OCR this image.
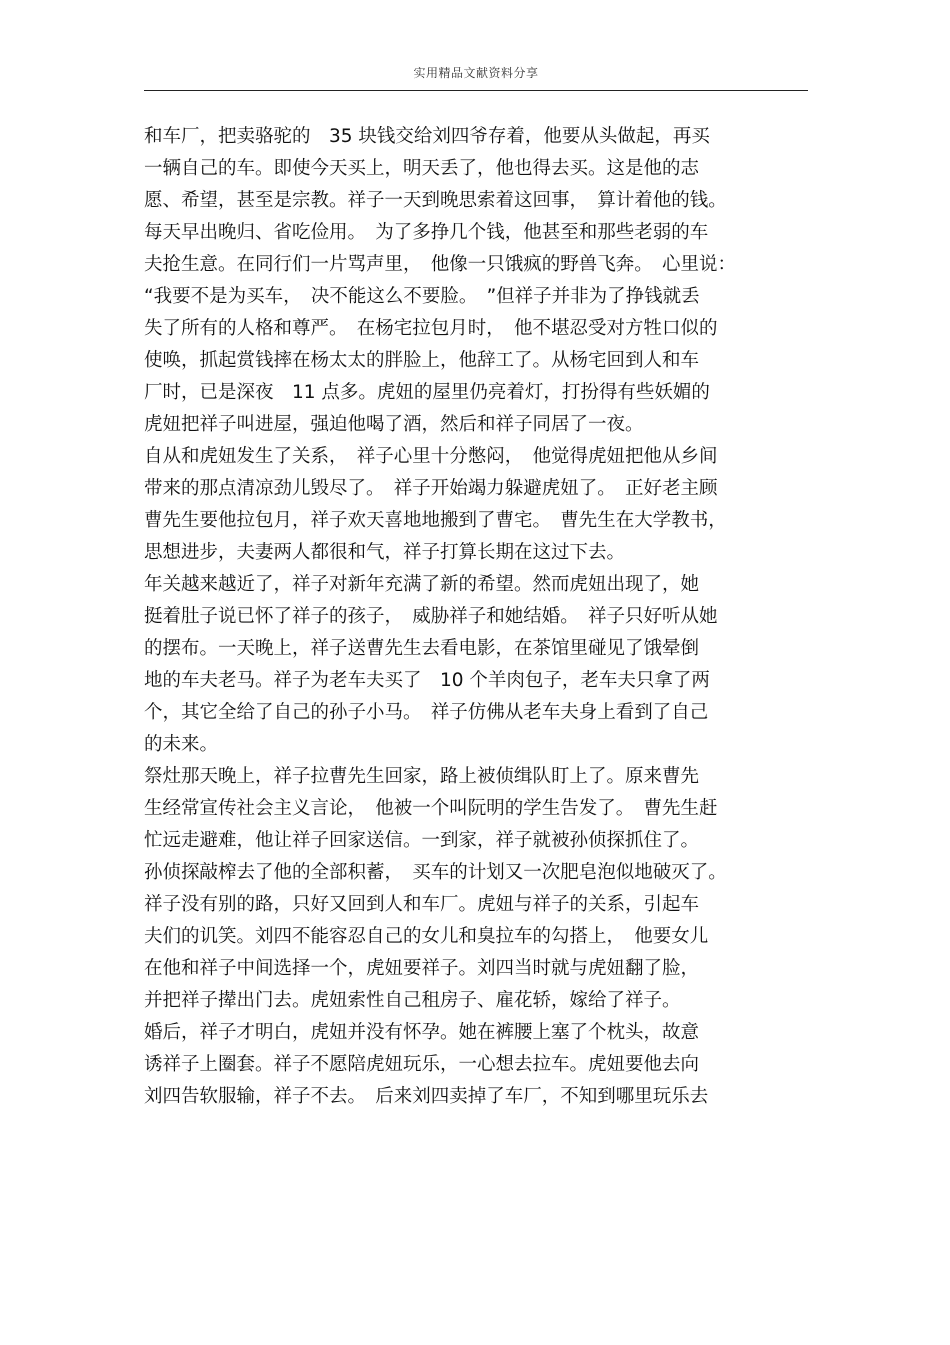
实用精品文献资料分享
和车厂，把卖骆驼的　35 块钱交给刘四爷存着，他要从头做起，再买
一辆自己的车。即使今天买上，明天丢了，他也得去买。这是他的志
愿、希望，甚至是宗教。祥子一天到晚思索着这回事，　算计着他的钱。
每天早出晚归、省吃俭用。　为了多挣几个钱，他甚至和那些老弱的车
夫抢生意。在同行们一片骂声里，　他像一只饿疯的野兽飞奔。　心里说：
“我要不是为买车，　决不能这么不要脸。　”但祥子并非为了挣钱就丢
失了所有的人格和尊严。　在杨宅拉包月时，　他不堪忍受对方牲口似的
使唤，抓起赏钱摔在杨太太的胖脸上，他辞工了。从杨宅回到人和车
厂时，已是深夜　11 点多。虎妞的屋里仍亮着灯，打扮得有些妖媚的
虎妞把祥子叫进屋，强迫他喝了酒，然后和祥子同居了一夜。
自从和虎妞发生了关系，　祥子心里十分憋闷，　他觉得虎妞把他从乡间
带来的那点清凉劲儿毁尽了。　祥子开始竭力躲避虎妞了。　正好老主顾
曹先生要他拉包月，祥子欢天喜地地搬到了曹宅。　曹先生在大学教书，
思想进步，夫妻两人都很和气，祥子打算长期在这过下去。
年关越来越近了，祥子对新年充满了新的希望。然而虎妞出现了，她
挺着肚子说已怀了祥子的孩子，　威胁祥子和她结婚。　祥子只好听从她
的摆布。一天晚上，祥子送曹先生去看电影，在茶馆里碰见了饿晕倒
地的车夫老马。祥子为老车夫买了　10 个羊肉包子，老车夫只拿了两
个，其它全给了自己的孙子小马。　祥子仿佛从老车夫身上看到了自己
的未来。
祭灶那天晚上，祥子拉曹先生回家，路上被侦缉队盯上了。原来曹先
生经常宣传社会主义言论，　他被一个叫阮明的学生告发了。　曹先生赶
忙远走避难，他让祥子回家送信。一到家，祥子就被孙侦探抓住了。
孙侦探敲榨去了他的全部积蓄，　买车的计划又一次肥皂泡似地破灭了。
祥子没有别的路，只好又回到人和车厂。虎妞与祥子的关系，引起车
夫们的讥笑。刘四不能容忍自己的女儿和臭拉车的勾搭上，　他要女儿
在他和祥子中间选择一个，虎妞要祥子。刘四当时就与虎妞翻了脸，
并把祥子撵出门去。虎妞索性自己租房子、雇花轿，嫁给了祥子。
婚后，祥子才明白，虎妞并没有怀孕。她在裤腰上塞了个枕头，故意
诱祥子上圈套。祥子不愿陪虎妞玩乐，一心想去拉车。虎妞要他去向
刘四告软服输，祥子不去。　后来刘四卖掉了车厂，不知到哪里玩乐去
